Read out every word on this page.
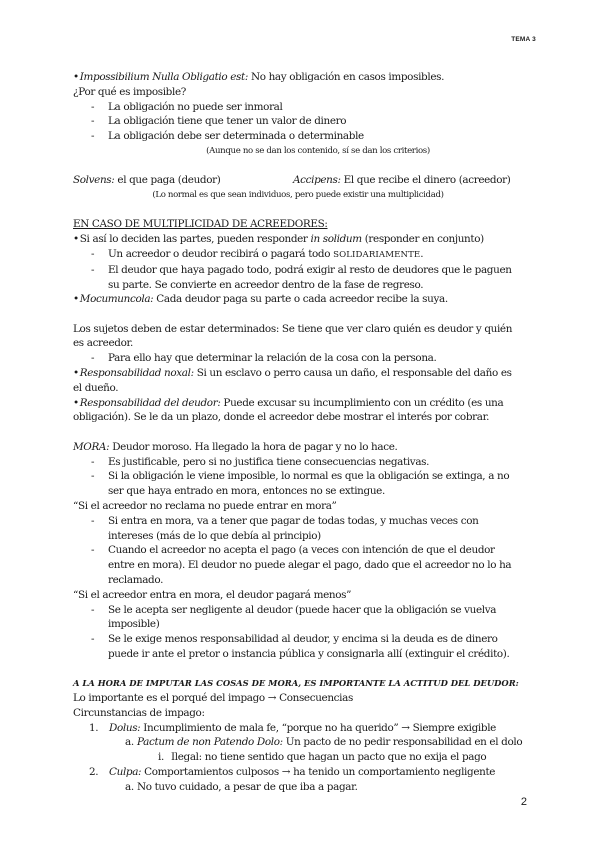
TEMA 3

• Impossibilium Nulla Obligatio est: No hay obligación en casos imposibles.

¿Por qué es imposible?

- La obligación no puede ser inmoral
- La obligación tiene que tener un valor de dinero
- La obligación debe ser determinada o determinable

(Aunque no se dan los contenido, sí se dan los criterios)

Solvens: el que paga (deudor)	Accipens: El que recibe el dinero (acreedor)

(Lo normal es que sean individuos, pero puede existir una multiplicidad)

EN CASO DE MULTIPLICIDAD DE ACREEDORES:

• Si así lo deciden las partes, pueden responder in solidum (responder en conjunto)

- Un acreedor o deudor recibirá o pagará todo SOLIDARIAMENTE.
- El deudor que haya pagado todo, podrá exigir al resto de deudores que le paguen su parte. Se convierte en acreedor dentro de la fase de regreso.

• Mocumuncola: Cada deudor paga su parte o cada acreedor recibe la suya.

Los sujetos deben de estar determinados: Se tiene que ver claro quién es deudor y quién es acreedor.

- Para ello hay que determinar la relación de la cosa con la persona.

• Responsabilidad noxal: Si un esclavo o perro causa un daño, el responsable del daño es el dueño.

• Responsabilidad del deudor: Puede excusar su incumplimiento con un crédito (es una obligación). Se le da un plazo, donde el acreedor debe mostrar el interés por cobrar.

MORA: Deudor moroso. Ha llegado la hora de pagar y no lo hace.

- Es justificable, pero si no justifica tiene consecuencias negativas.
- Si la obligación le viene imposible, lo normal es que la obligación se extinga, a no ser que haya entrado en mora, entonces no se extingue.

“Si el acreedor no reclama no puede entrar en mora”

- Si entra en mora, va a tener que pagar de todas todas, y muchas veces con intereses (más de lo que debía al principio)
- Cuando el acreedor no acepta el pago (a veces con intención de que el deudor entre en mora). El deudor no puede alegar el pago, dado que el acreedor no lo ha reclamado.

“Si el acreedor entra en mora, el deudor pagará menos”

- Se le acepta ser negligente al deudor (puede hacer que la obligación se vuelva imposible)
- Se le exige menos responsabilidad al deudor, y encima si la deuda es de dinero puede ir ante el pretor o instancia pública y consignarla allí (extinguir el crédito).

A LA HORA DE IMPUTAR LAS COSAS DE MORA, ES IMPORTANTE LA ACTITUD DEL DEUDOR:

Lo importante es el porqué del impago → Consecuencias

Circunstancias de impago:

1. Dolus: Incumplimiento de mala fe, “porque no ha querido” → Siempre exigible
a. Pactum de non Patendo Dolo: Un pacto de no pedir responsabilidad en el dolo
i. Ilegal: no tiene sentido que hagan un pacto que no exija el pago
2. Culpa: Comportamientos culposos → ha tenido un comportamiento negligente
a. No tuvo cuidado, a pesar de que iba a pagar.
2
